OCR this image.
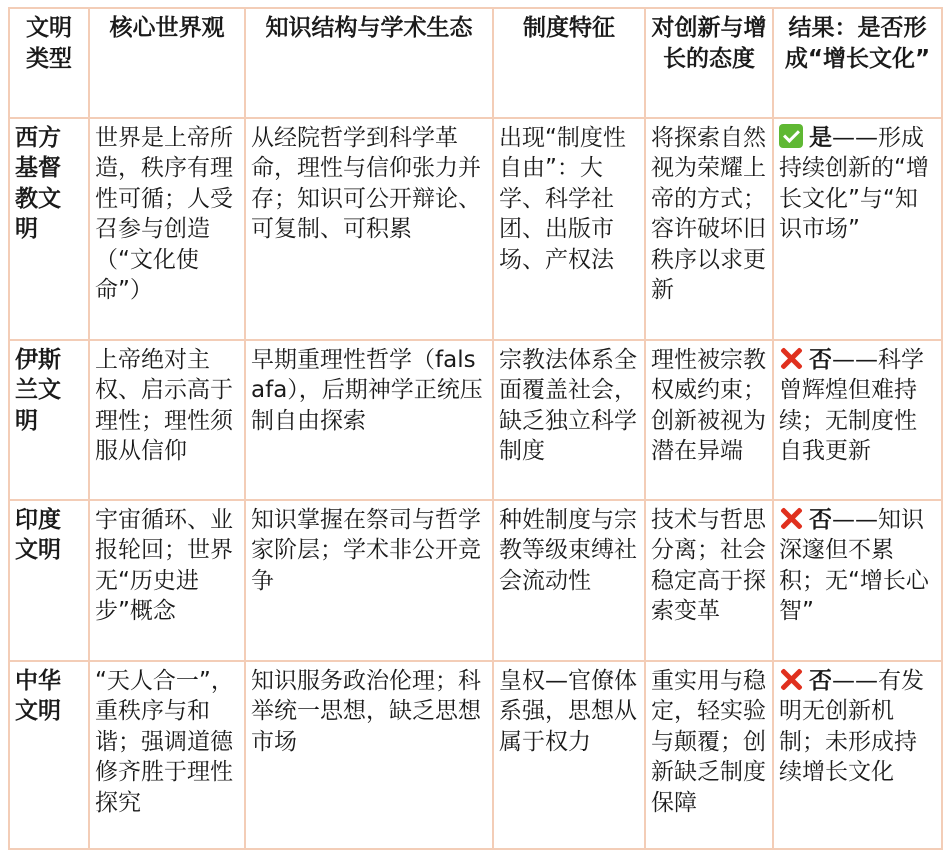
文明类型	核心世界观	知识结构与学术生态	制度特征	对创新与增长的态度	结果：是否形成“增长文化”
西方基督教文明	世界是上帝所造，秩序有理性可循；人受召参与创造（“文化使命”）	从经院哲学到科学革命，理性与信仰张力并存；知识可公开辩论、可复制、可积累	出现“制度性自由”：大学、科学社团、出版市场、产权法	将探索自然视为荣耀上帝的方式；容许破坏旧秩序以求更新	是——形成持续创新的“增长文化”与“知识市场”
伊斯兰文明	上帝绝对主权、启示高于理性；理性须服从信仰	早期重理性哲学（falsafa），后期神学正统压制自由探索	宗教法体系全面覆盖社会，缺乏独立科学制度	理性被宗教权威约束；创新被视为潜在异端	否——科学曾辉煌但难持续；无制度性自我更新
印度文明	宇宙循环、业报轮回；世界无“历史进步”概念	知识掌握在祭司与哲学家阶层；学术非公开竞争	种姓制度与宗教等级束缚社会流动性	技术与哲思分离；社会稳定高于探索变革	否——知识深邃但不累积；无“增长心智”
中华文明	“天人合一”，重秩序与和谐；强调道德修齐胜于理性探究	知识服务政治伦理；科举统一思想，缺乏思想市场	皇权—官僚体系强，思想从属于权力	重实用与稳定，轻实验与颠覆；创新缺乏制度保障	否——有发明无创新机制；未形成持续增长文化
